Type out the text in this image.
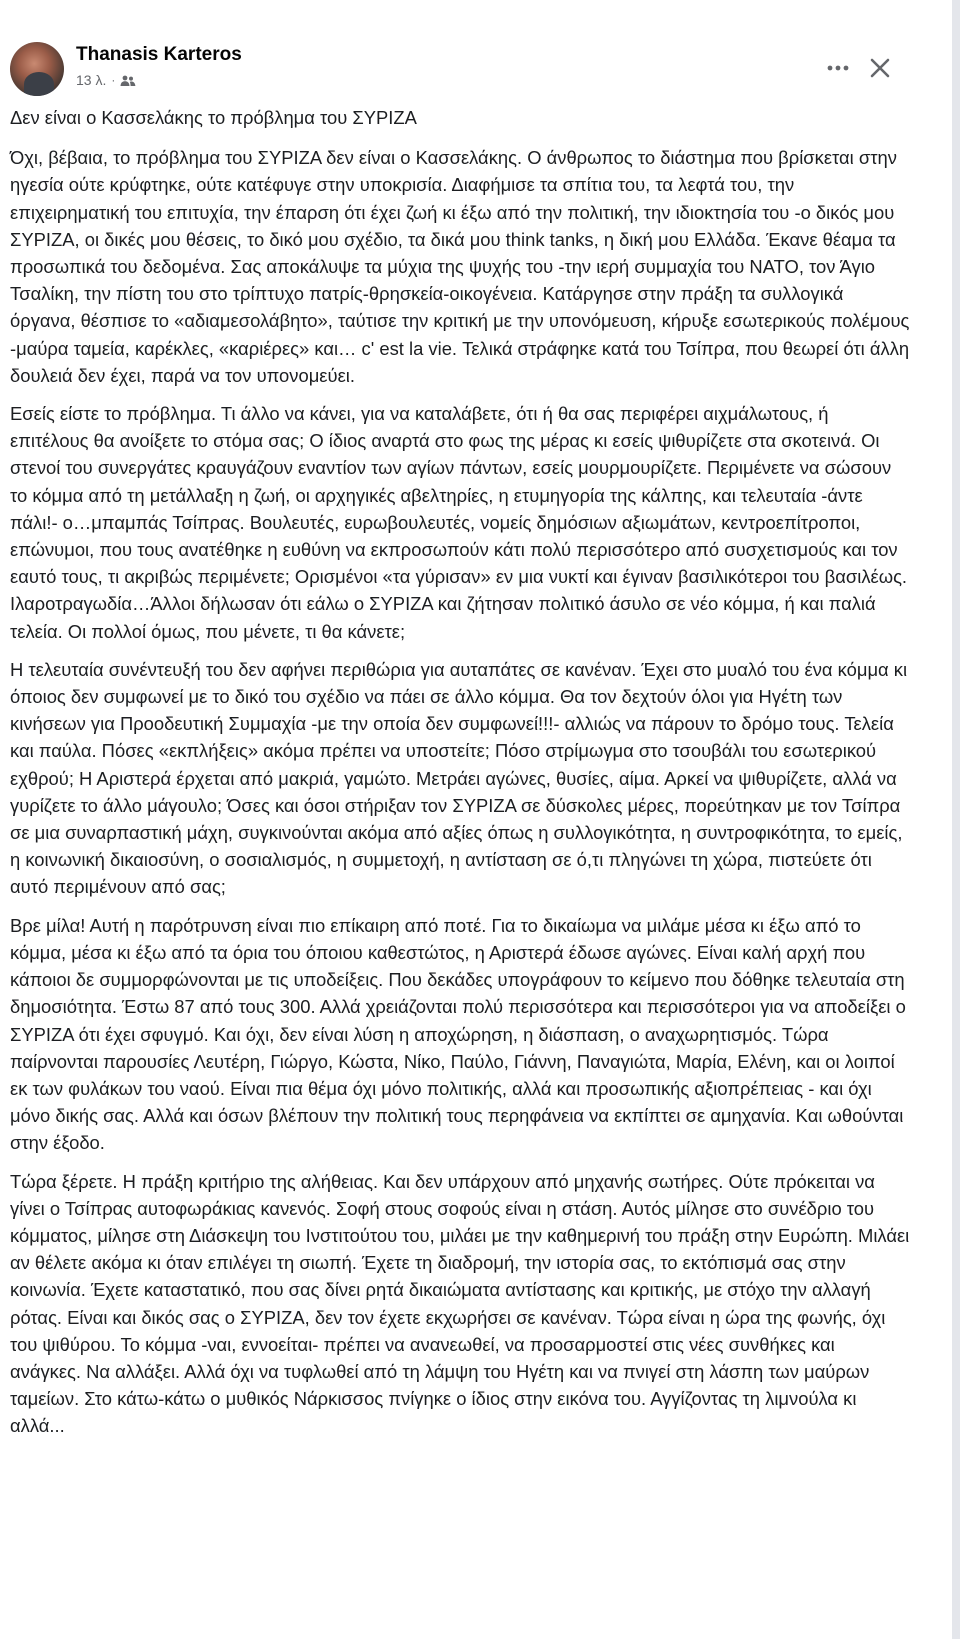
Thanasis Karteros
13 λ. ·

Δεν είναι ο Κασσελάκης το πρόβλημα του ΣΥΡΙΖΑ

Όχι, βέβαια, το πρόβλημα του ΣΥΡΙΖΑ δεν είναι ο Κασσελάκης. Ο άνθρωπος το διάστημα που βρίσκεται στην ηγεσία ούτε κρύφτηκε, ούτε κατέφυγε στην υποκρισία. Διαφήμισε τα σπίτια του, τα λεφτά του, την επιχειρηματική του επιτυχία, την έπαρση ότι έχει ζωή κι έξω από την πολιτική, την ιδιοκτησία του -ο δικός μου ΣΥΡΙΖΑ, οι δικές μου θέσεις, το δικό μου σχέδιο, τα δικά μου think tanks, η δική μου Ελλάδα. Έκανε θέαμα τα προσωπικά του δεδομένα. Σας αποκάλυψε τα μύχια της ψυχής του -την ιερή συμμαχία του ΝΑΤΟ, τον Άγιο Τσαλίκη, την πίστη του στο τρίπτυχο πατρίς-θρησκεία-οικογένεια. Κατάργησε στην πράξη τα συλλογικά όργανα, θέσπισε το «αδιαμεσολάβητο», ταύτισε την κριτική με την υπονόμευση, κήρυξε εσωτερικούς πολέμους -μαύρα ταμεία, καρέκλες, «καριέρες» και… c' est la vie. Τελικά στράφηκε κατά του Τσίπρα, που θεωρεί ότι άλλη δουλειά δεν έχει, παρά να τον υπονομεύει.

Εσείς είστε το πρόβλημα. Τι άλλο να κάνει, για να καταλάβετε, ότι ή θα σας περιφέρει αιχμάλωτους, ή επιτέλους θα ανοίξετε το στόμα σας; Ο ίδιος αναρτά στο φως της μέρας κι εσείς ψιθυρίζετε στα σκοτεινά. Οι στενοί του συνεργάτες κραυγάζουν εναντίον των αγίων πάντων, εσείς μουρμουρίζετε. Περιμένετε να σώσουν το κόμμα από τη μετάλλαξη η ζωή, οι αρχηγικές αβελτηρίες, η ετυμηγορία της κάλπης, και τελευταία -άντε πάλι!- ο…μπαμπάς Τσίπρας. Βουλευτές, ευρωβουλευτές, νομείς δημόσιων αξιωμάτων, κεντροεπίτροποι, επώνυμοι, που τους ανατέθηκε η ευθύνη να εκπροσωπούν κάτι πολύ περισσότερο από συσχετισμούς και τον εαυτό τους, τι ακριβώς περιμένετε; Ορισμένοι «τα γύρισαν» εν μια νυκτί και έγιναν βασιλικότεροι του βασιλέως. Ιλαροτραγωδία…Άλλοι δήλωσαν ότι εάλω ο ΣΥΡΙΖΑ και ζήτησαν πολιτικό άσυλο σε νέο κόμμα, ή και παλιά τελεία. Οι πολλοί όμως, που μένετε, τι θα κάνετε;

Η τελευταία συνέντευξή του δεν αφήνει περιθώρια για αυταπάτες σε κανέναν. Έχει στο μυαλό του ένα κόμμα κι όποιος δεν συμφωνεί με το δικό του σχέδιο να πάει σε άλλο κόμμα. Θα τον δεχτούν όλοι για Ηγέτη των κινήσεων για Προοδευτική Συμμαχία -με την οποία δεν συμφωνεί!!!- αλλιώς να πάρουν το δρόμο τους. Τελεία και παύλα. Πόσες «εκπλήξεις» ακόμα πρέπει να υποστείτε; Πόσο στρίμωγμα στο τσουβάλι του εσωτερικού εχθρού; Η Αριστερά έρχεται από μακριά, γαμώτο. Μετράει αγώνες, θυσίες, αίμα. Αρκεί να ψιθυρίζετε, αλλά να γυρίζετε το άλλο μάγουλο; Όσες και όσοι στήριξαν τον ΣΥΡΙΖΑ σε δύσκολες μέρες, πορεύτηκαν με τον Τσίπρα σε μια συναρπαστική μάχη, συγκινούνται ακόμα από αξίες όπως η συλλογικότητα, η συντροφικότητα, το εμείς, η κοινωνική δικαιοσύνη, ο σοσιαλισμός, η συμμετοχή, η αντίσταση σε ό,τι πληγώνει τη χώρα, πιστεύετε ότι αυτό περιμένουν από σας;

Βρε μίλα! Αυτή η παρότρυνση είναι πιο επίκαιρη από ποτέ. Για το δικαίωμα να μιλάμε μέσα κι έξω από το κόμμα, μέσα κι έξω από τα όρια του όποιου καθεστώτος, η Αριστερά έδωσε αγώνες. Είναι καλή αρχή που κάποιοι δε συμμορφώνονται με τις υποδείξεις. Που δεκάδες υπογράφουν το κείμενο που δόθηκε τελευταία στη δημοσιότητα. Έστω 87 από τους 300. Αλλά χρειάζονται πολύ περισσότερα και περισσότεροι για να αποδείξει ο ΣΥΡΙΖΑ ότι έχει σφυγμό. Και όχι, δεν είναι λύση η αποχώρηση, η διάσπαση, ο αναχωρητισμός. Τώρα παίρνονται παρουσίες Λευτέρη, Γιώργο, Κώστα, Νίκο, Παύλο, Γιάννη, Παναγιώτα, Μαρία, Ελένη, και οι λοιποί εκ των φυλάκων του ναού. Είναι πια θέμα όχι μόνο πολιτικής, αλλά και προσωπικής αξιοπρέπειας - και όχι μόνο δικής σας. Αλλά και όσων βλέπουν την πολιτική τους περηφάνεια να εκπίπτει σε αμηχανία. Και ωθούνται στην έξοδο.

Τώρα ξέρετε. Η πράξη κριτήριο της αλήθειας. Και δεν υπάρχουν από μηχανής σωτήρες. Ούτε πρόκειται να γίνει ο Τσίπρας αυτοφωράκιας κανενός. Σοφή στους σοφούς είναι η στάση. Αυτός μίλησε στο συνέδριο του κόμματος, μίλησε στη Διάσκεψη του Ινστιτούτου του, μιλάει με την καθημερινή του πράξη στην Ευρώπη. Μιλάει αν θέλετε ακόμα κι όταν επιλέγει τη σιωπή. Έχετε τη διαδρομή, την ιστορία σας, το εκτόπισμά σας στην κοινωνία. Έχετε καταστατικό, που σας δίνει ρητά δικαιώματα αντίστασης και κριτικής, με στόχο την αλλαγή ρότας. Είναι και δικός σας ο ΣΥΡΙΖΑ, δεν τον έχετε εκχωρήσει σε κανέναν. Τώρα είναι η ώρα της φωνής, όχι του ψιθύρου. Το κόμμα -ναι, εννοείται- πρέπει να ανανεωθεί, να προσαρμοστεί στις νέες συνθήκες και ανάγκες. Να αλλάξει. Αλλά όχι να τυφλωθεί από τη λάμψη του Ηγέτη και να πνιγεί στη λάσπη των μαύρων ταμείων. Στο κάτω-κάτω ο μυθικός Νάρκισσος πνίγηκε ο ίδιος στην εικόνα του. Αγγίζοντας τη λιμνούλα κι αλλά...
